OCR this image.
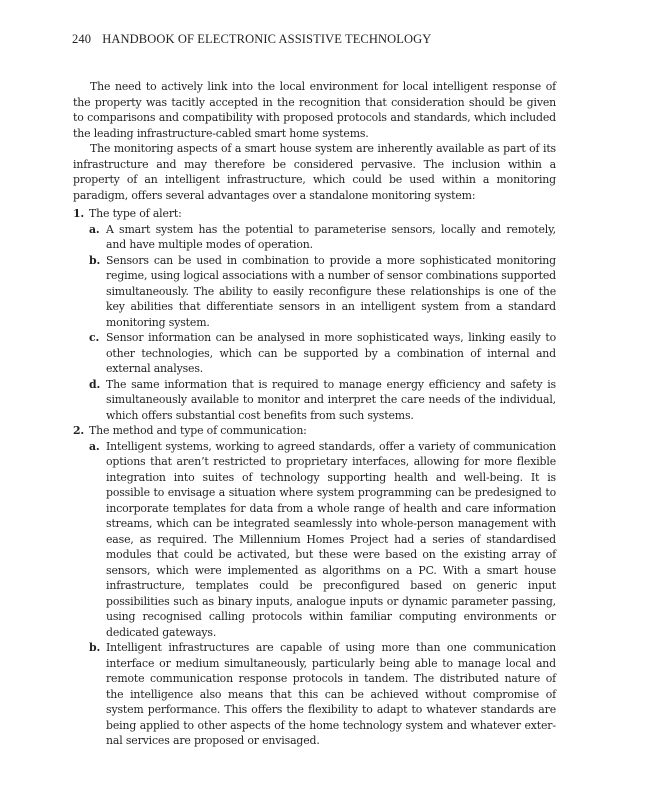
240 HANDBOOK OF ELECTRONIC ASSISTIVE TECHNOLOGY

The need to actively link into the local environment for local intelligent response of the property was tacitly accepted in the recognition that consideration should be given to comparisons and compatibility with proposed protocols and standards, which included the leading infrastructure-cabled smart home systems.

The monitoring aspects of a smart house system are inherently available as part of its infrastructure and may therefore be considered pervasive. The inclusion within a property of an intelligent infrastructure, which could be used within a monitoring paradigm, offers several advantages over a standalone monitoring system:

1. The type of alert:
a. A smart system has the potential to parameterise sensors, locally and remotely, and have multiple modes of operation.
b. Sensors can be used in combination to provide a more sophisticated monitoring regime, using logical associations with a number of sensor combinations supported simultaneously. The ability to easily reconfigure these relationships is one of the key abilities that differentiate sensors in an intelligent system from a standard monitoring system.
c. Sensor information can be analysed in more sophisticated ways, linking easily to other technologies, which can be supported by a combination of internal and external analyses.
d. The same information that is required to manage energy efficiency and safety is simultaneously available to monitor and interpret the care needs of the individual, which offers substantial cost benefits from such systems.
2. The method and type of communication:
a. Intelligent systems, working to agreed standards, offer a variety of communication options that aren’t restricted to proprietary interfaces, allowing for more flexible integration into suites of technology supporting health and well-being. It is possible to envisage a situation where system programming can be predesigned to incorporate templates for data from a whole range of health and care information streams, which can be integrated seamlessly into whole-person management with ease, as required. The Millennium Homes Project had a series of standardised modules that could be activated, but these were based on the existing array of sensors, which were implemented as algorithms on a PC. With a smart house infrastructure, templates could be preconfigured based on generic input possibilities such as binary inputs, analogue inputs or dynamic parameter passing, using recognised calling protocols within familiar computing environments or dedicated gateways.
b. Intelligent infrastructures are capable of using more than one communication interface or medium simultaneously, particularly being able to manage local and remote communication response protocols in tandem. The distributed nature of the intelligence also means that this can be achieved without compromise of system performance. This offers the flexibility to adapt to whatever standards are being applied to other aspects of the home technology system and whatever external services are proposed or envisaged.
